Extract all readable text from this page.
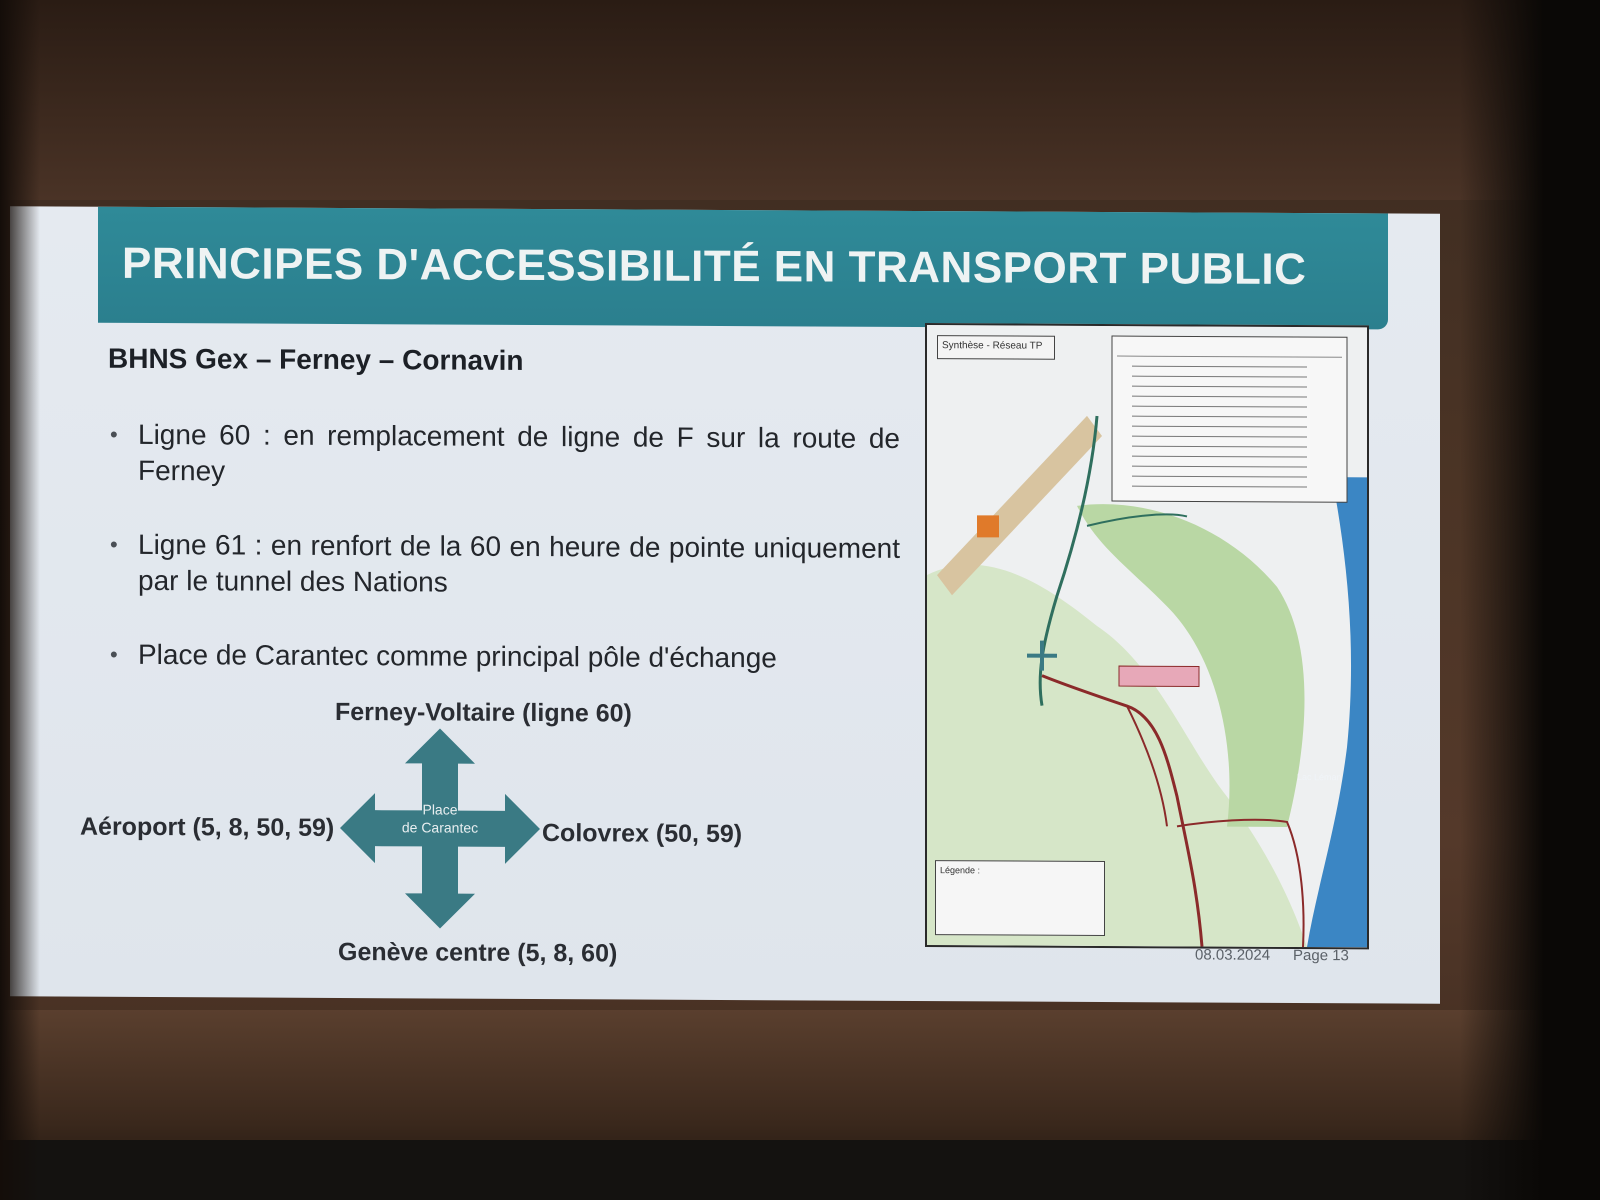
PRINCIPES D'ACCESSIBILITÉ EN TRANSPORT PUBLIC
BHNS Gex – Ferney – Cornavin
• Ligne 60 : en remplacement de ligne de F sur la route de Ferney
• Ligne 61 : en renfort de la 60 en heure de pointe uniquement par le tunnel des Nations
• Place de Carantec comme principal pôle d'échange
Ferney-Voltaire (ligne 60)
Aéroport (5, 8, 50, 59)	Colovrex (50, 59)
Genève centre (5, 8, 60)
Place
de Carantec
Synthèse - Réseau TP
Lac Léman
Légende :
08.03.2024 Page 13
